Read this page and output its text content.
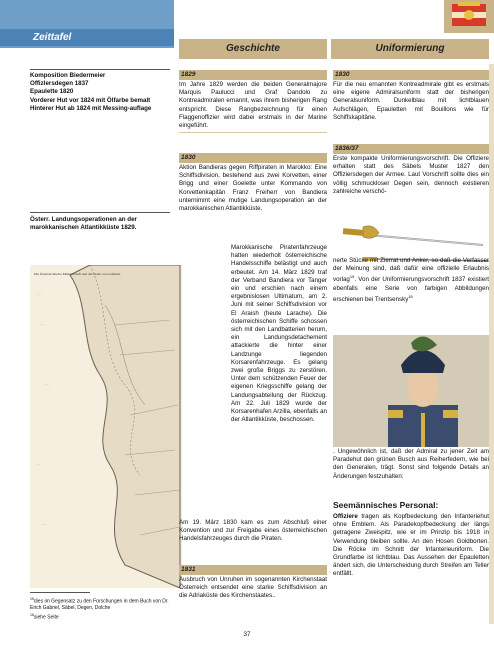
Zeittafel
Geschichte	Uniformierung
Komposition Biedermeier
Offizlersdegen 1837
Epaulette 1820
Vorderer Hut vor 1824 mit Ölfarbe bemalt
Hinterer Hut ab 1824 mit Messing-auflage
Österr. Landungsoperationen an der marokkanischen Atlantikküste 1829.
. . . .
. . .
. . . .
. . .
. . . .
Die Österreichische Marineschaft und die Stadt von Ladenien
1829
Im Jahre 1829 werden die beiden Generalmajore Marquis Paulucci und Graf Dandolo zu Kontreadmiralen ernannt, was ihrem bisherigen Rang entspricht. Diese Rangbezeichnung für einen Flaggenoffizier wird dabei erstmals in der Marine eingeführt.
1830
Aktion Bandieras gegen Riffpiraten in Marokko: Eine Schiffsdivision, bestehend aus zwei Korvetten, einer Brigg und einer Goelette unter Kommando von Korvettenkapitän Franz Freiherr von Bandiera unternimmt eine mutige Landungsoperation an der marokkanischen Atlantikküste.
Marokkanische Piratenfahrzeuge hatten wiederholt österreichische Handelsschiffe belästigt und auch erbeutet. Am 14. März 1829 traf der Verband Bandiera vor Tanger ein und erschien nach einem ergebnislosen Ultimatum, am 2. Juni mit seiner Schiffsdivision vor El Araish (heute Larache). Die österreichischen Schiffe schossen sich mit den Landbatterien herum, ein Landungsdetachement attackierte die hinter einer Landzunge liegenden Korsarenfahrzeuge. Es gelang zwei große Briggs zu zerstören. Unter dem schützenden Feuer der eigenen Kriegsschiffe gelang der Landungsabteilung der Rückzug. Am 22. Juli 1829 wurde der Korsarenhafen Arzilla, ebenfalls an der Atlantikküste, beschossen.
Am 19. März 1830 kam es zum Abschluß einer Konvention und zur Freigabe eines österreichischen Handelsfahrzeuges durch die Piraten.
1831
Ausbruch von Unruhen im sogenannten Kirchenstaat Österreich entsendet eine starke Schiffsdivision an die Adriaküste des Kirchenstaates..
1830
Für die neu ernannten Kontreadmirale gibt es erstmals eine eigene Admiralsuniform statt der bisherigen Generalsuniform. Dunkelblau mit lichtblauen Aufschlägen, Epauletten mit Bouillons wie für Schiffskapitäne.
1836/37
Erste kompakte Uniformierungsvorschrift. Die Offiziere erhalten statt des Säbels Muster 1827 den Offiziersdegen der Armee. Laut Vorschrift sollte dies ein völlig schmuckloser Degen sein, dennoch existieren zahlreiche verschö-
nerte Stücke mit Zierrat und Anker, so daß die Verfasser der Meinung sind, daß dafür eine offizielle Erlaubnis vorlag$^{15}$. Von der Uniformierungsvorschrift 1837 existiert ebenfalls eine Serie von farbigen Abbildungen erschienen bei Trentsensky$^{16}$
. Ungewöhnlich ist, daß der Admiral zu jener Zeit am Paradehut den grünen Busch aus Reiherfedern, wie bei den Generalen, trägt. Sonst sind folgende Details an Änderungen festzuhalten:
Seemännisches Personal:
Offiziere tragen als Kopfbedeckung den Infanteriehut ohne Emblem. Als Paradekopfbedeckung der längs getragene Zweispitz, wie er im Prinzip bis 1918 in Verwendung bleiben sollte. An den Hosen Goldborten. Die Röcke im Schnitt der Infanterieuniform. Die Grundfarbe ist lichtblau. Das Aussehen der Epauletten ändert sich, die Unterscheidung durch Streifen am Teller entfällt.
$^{15}$dies im Gegensatz zu den Forschungen in dem Buch von Dr. Erich Gabriel, Säbel, Degen, Dolche
$^{16}$siehe Seite
37
